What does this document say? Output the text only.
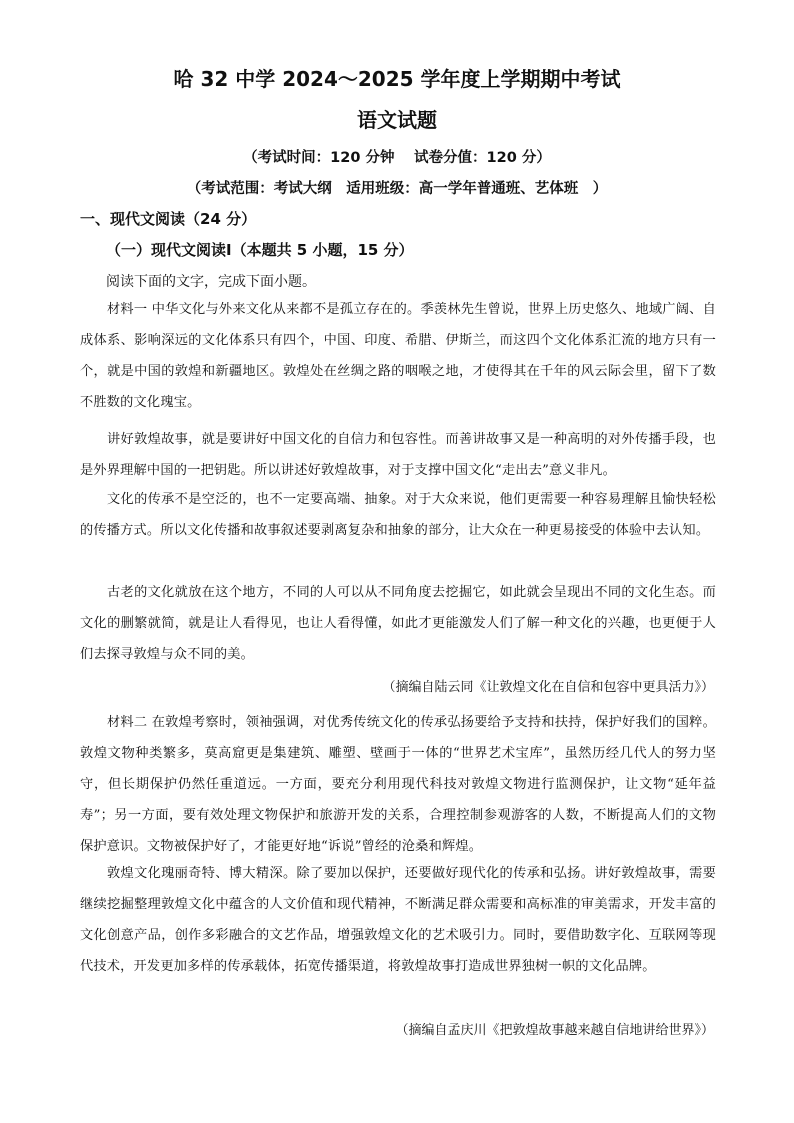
哈 32 中学 2024～2025 学年度上学期期中考试
语文试题
（考试时间：120 分钟　 试卷分值：120 分）
（考试范围：考试大纲　适用班级：高一学年普通班、艺体班　）
一、现代文阅读（24 分）
（一）现代文阅读Ⅰ（本题共 5 小题，15 分）
阅读下面的文字，完成下面小题。
材料一 中华文化与外来文化从来都不是孤立存在的。季羡林先生曾说，世界上历史悠久、地域广阔、自成体系、影响深远的文化体系只有四个，中国、印度、希腊、伊斯兰，而这四个文化体系汇流的地方只有一个，就是中国的敦煌和新疆地区。敦煌处在丝绸之路的咽喉之地，才使得其在千年的风云际会里，留下了数不胜数的文化瑰宝。
讲好敦煌故事，就是要讲好中国文化的自信力和包容性。而善讲故事又是一种高明的对外传播手段，也是外界理解中国的一把钥匙。所以讲述好敦煌故事，对于支撑中国文化“走出去”意义非凡。
文化的传承不是空泛的，也不一定要高端、抽象。对于大众来说，他们更需要一种容易理解且愉快轻松的传播方式。所以文化传播和故事叙述要剥离复杂和抽象的部分，让大众在一种更易接受的体验中去认知。
古老的文化就放在这个地方，不同的人可以从不同角度去挖掘它，如此就会呈现出不同的文化生态。而文化的删繁就简，就是让人看得见，也让人看得懂，如此才更能激发人们了解一种文化的兴趣，也更便于人们去探寻敦煌与众不同的美。
（摘编自陆云同《让敦煌文化在自信和包容中更具活力》）
材料二 在敦煌考察时，领袖强调，对优秀传统文化的传承弘扬要给予支持和扶持，保护好我们的国粹。敦煌文物种类繁多，莫高窟更是集建筑、雕塑、壁画于一体的“世界艺术宝库”，虽然历经几代人的努力坚守，但长期保护仍然任重道远。一方面，要充分利用现代科技对敦煌文物进行监测保护，让文物“延年益寿”；另一方面，要有效处理文物保护和旅游开发的关系，合理控制参观游客的人数，不断提高人们的文物保护意识。文物被保护好了，才能更好地“诉说”曾经的沧桑和辉煌。
敦煌文化瑰丽奇特、博大精深。除了要加以保护，还要做好现代化的传承和弘扬。讲好敦煌故事，需要继续挖掘整理敦煌文化中蕴含的人文价值和现代精神，不断满足群众需要和高标准的审美需求，开发丰富的文化创意产品，创作多彩融合的文艺作品，增强敦煌文化的艺术吸引力。同时，要借助数字化、互联网等现代技术，开发更加多样的传承载体，拓宽传播渠道，将敦煌故事打造成世界独树一帜的文化品牌。
（摘编自孟庆川《把敦煌故事越来越自信地讲给世界》）
